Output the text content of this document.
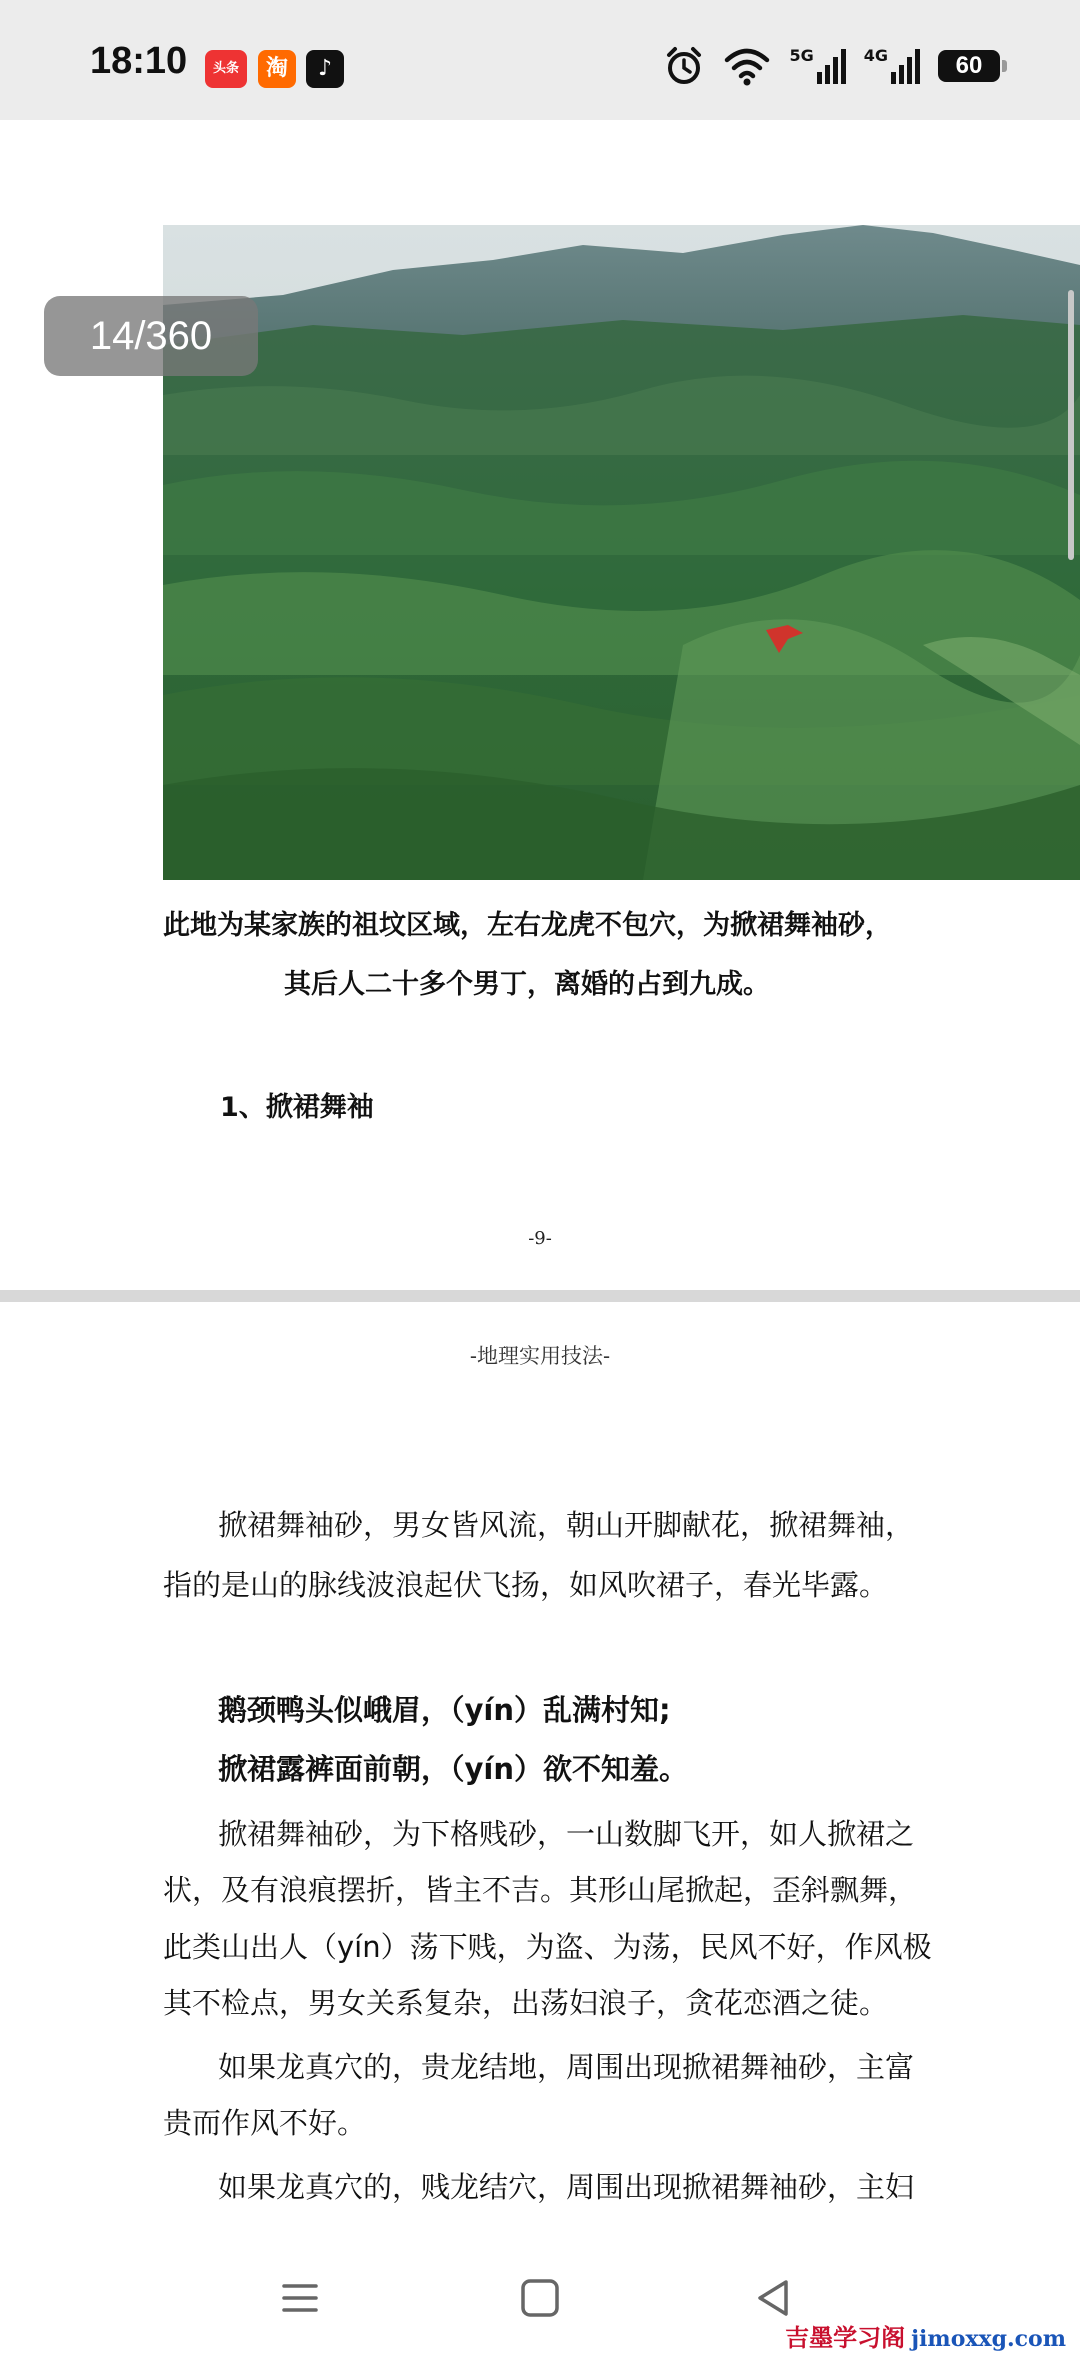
18:10	头条	淘	♪
5G	4G	60
14/360
此地为某家族的祖坟区域，左右龙虎不包穴，为掀裙舞袖砂，
其后人二十多个男丁，离婚的占到九成。
1、掀裙舞袖
-9-
-地理实用技法-
掀裙舞袖砂，男女皆风流，朝山开脚献花，掀裙舞袖，
指的是山的脉线波浪起伏飞扬，如风吹裙子，春光毕露。
鹅颈鸭头似峨眉，（yín）乱满村知;
掀裙露裤面前朝，（yín）欲不知羞。
掀裙舞袖砂，为下格贱砂，一山数脚飞开，如人掀裙之
状，及有浪痕摆折，皆主不吉。其形山尾掀起，歪斜飘舞，
此类山出人（yín）荡下贱，为盗、为荡，民风不好，作风极
其不检点，男女关系复杂，出荡妇浪子，贪花恋酒之徒。
如果龙真穴的，贵龙结地，周围出现掀裙舞袖砂，主富
贵而作风不好。
如果龙真穴的，贱龙结穴，周围出现掀裙舞袖砂，主妇
吉墨学习阁 jimoxxg.com
